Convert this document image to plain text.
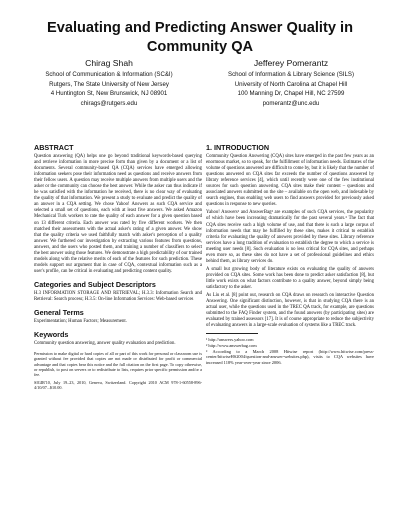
Evaluating and Predicting Answer Quality in Community QA
Chirag Shah
School of Communication & Information (SC&I)
Rutgers, The State University of New Jersey
4 Huntington St, New Brunswick, NJ 08901
chirags@rutgers.edu
Jefferey Pomerantz
School of Information & Library Science (SILS)
University of North Carolina at Chapel Hill
100 Manning Dr, Chapel Hill, NC 27599
pomerantz@unc.edu
ABSTRACT
Question answering (QA) helps one go beyond traditional keywords-based querying and retrieve information in more precise form than given by a document or a list of documents. Several community-based QA (CQA) services have emerged allowing information seekers pose their information need as questions and receive answers from their fellow users. A question may receive multiple answers from multiple users and the asker or the community can choose the best answer. While the asker can thus indicate if he was satisfied with the information he received, there is no clear way of evaluating the quality of that information. We present a study to evaluate and predict the quality of an answer in a CQA setting. We chose Yahoo! Answers as such CQA service and selected a small set of questions, each with at least five answers. We asked Amazon Mechanical Turk workers to rate the quality of each answer for a given question based on 13 different criteria. Each answer was rated by five different workers. We then matched their assessments with the actual asker's rating of a given answer. We show that the quality criteria we used faithfully match with asker's perception of a quality answer. We furthered our investigation by extracting various features from questions, answers, and the users who posted them, and training a number of classifiers to select the best answer using those features. We demonstrate a high predictability of our trained models along with the relative merits of each of the features for such prediction. These models support our argument that in case of CQA, contextual information such as a user's profile, can be critical in evaluating and predicting content quality.
Categories and Subject Descriptors
H.3 INFORMATION STORAGE AND RETRIEVAL; H.3.3: Information Search and Retrieval: Search process; H.3.5: On-line Information Services: Web-based services
General Terms
Experimentation; Human Factors; Measurement.
Keywords
Community question answering, answer quality evaluation and prediction.
Permission to make digital or hard copies of all or part of this work for personal or classroom use is granted without fee provided that copies are not made or distributed for profit or commercial advantage and that copies bear this notice and the full citation on the first page. To copy otherwise, or republish, to post on servers or to redistribute to lists, requires prior specific permission and/or a fee.
SIGIR'10, July 19–23, 2010, Geneva, Switzerland. Copyright 2010 ACM 978-1-60558-896-4/10/07...$10.00.
1. INTRODUCTION
Community Question Answering (CQA) sites have emerged in the past few years as an enormous market, so to speak, for the fulfillment of information needs. Estimates of the volume of questions answered are difficult to come by, but it is likely that the number of questions answered on CQA sites far exceeds the number of questions answered by library reference services [4], which until recently were one of the few institutional sources for such question answering. CQA sites make their content – questions and associated answers submitted on the site – available on the open web, and indexable by search engines, thus enabling web users to find answers provided for previously asked questions in response to new queries.
Yahoo! Answers¹ and AnswerBag² are examples of such CQA services, the popularity of which have been increasing dramatically for the past several years.³ The fact that CQA sites receive such a high volume of use, and that there is such a large corpus of information needs that may be fulfilled by these sites, makes it critical to establish criteria for evaluating the quality of answers provided by these sites. Library reference services have a long tradition of evaluation to establish the degree to which a service is meeting user needs [8]. Such evaluation is no less critical for CQA sites, and perhaps even more so, as these sites do not have a set of professional guidelines and ethics behind them, as library services do.
A small but growing body of literature exists on evaluating the quality of answers provided on CQA sites. Some work has been done to predict asker satisfaction [8], but little work exists on what factors contribute to a quality answer, beyond simply being satisfactory to the asker.
As Liu et al. [8] point out, research on CQA draws on research on interactive Question Answering. One significant distinction, however, is that in studying CQA there is an actual user, while the questions used in the TREC QA track, for example, are questions submitted to the FAQ Finder system, and the found answers (by participating sites) are evaluated by trained assessors [17]. It is of course appropriate to reduce the subjectivity of evaluating answers in a large-scale evaluation of systems like a TREC track.
¹ http://answers.yahoo.com
² http://www.answerbag.com
³ According to a March 2008 Hitwise report (http://www.hitwise.com/press-center/hitwiseHS2004/question-and-answer-websites.php), visits to CQA websites have increased 118% year-over-year since 2006.
